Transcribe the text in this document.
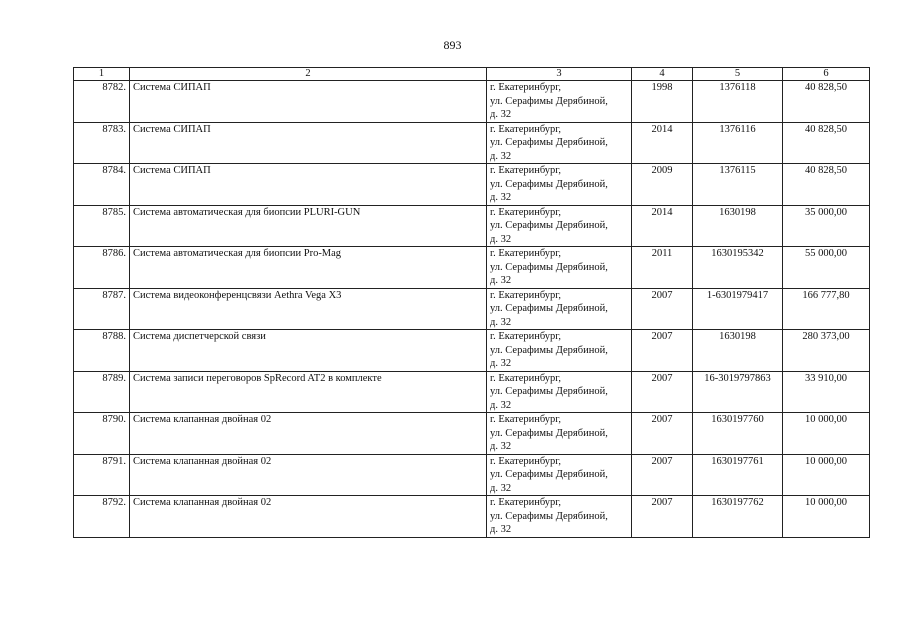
893
1	2	3	4	5	6

8782.	Система СИПАП	г. Екатеринбург,
ул. Серафимы Дерябиной,
д. 32	1998	1376118	40 828,50

8783.	Система СИПАП	г. Екатеринбург,
ул. Серафимы Дерябиной,
д. 32	2014	1376116	40 828,50

8784.	Система СИПАП	г. Екатеринбург,
ул. Серафимы Дерябиной,
д. 32	2009	1376115	40 828,50

8785.	Система автоматическая для биопсии PLURI-GUN	г. Екатеринбург,
ул. Серафимы Дерябиной,
д. 32	2014	1630198	35 000,00

8786.	Система автоматическая для биопсии Pro-Mag	г. Екатеринбург,
ул. Серафимы Дерябиной,
д. 32	2011	1630195342	55 000,00

8787.	Система видеоконференцсвязи Aethra Vega X3	г. Екатеринбург,
ул. Серафимы Дерябиной,
д. 32	2007	1-6301979417	166 777,80

8788.	Система диспетчерской связи	г. Екатеринбург,
ул. Серафимы Дерябиной,
д. 32	2007	1630198	280 373,00

8789.	Система записи переговоров SpRecord AT2 в комплекте	г. Екатеринбург,
ул. Серафимы Дерябиной,
д. 32	2007	16-3019797863	33 910,00

8790.	Система клапанная двойная 02	г. Екатеринбург,
ул. Серафимы Дерябиной,
д. 32	2007	1630197760	10 000,00

8791.	Система клапанная двойная 02	г. Екатеринбург,
ул. Серафимы Дерябиной,
д. 32	2007	1630197761	10 000,00

8792.	Система клапанная двойная 02	г. Екатеринбург,
ул. Серафимы Дерябиной,
д. 32	2007	1630197762	10 000,00
